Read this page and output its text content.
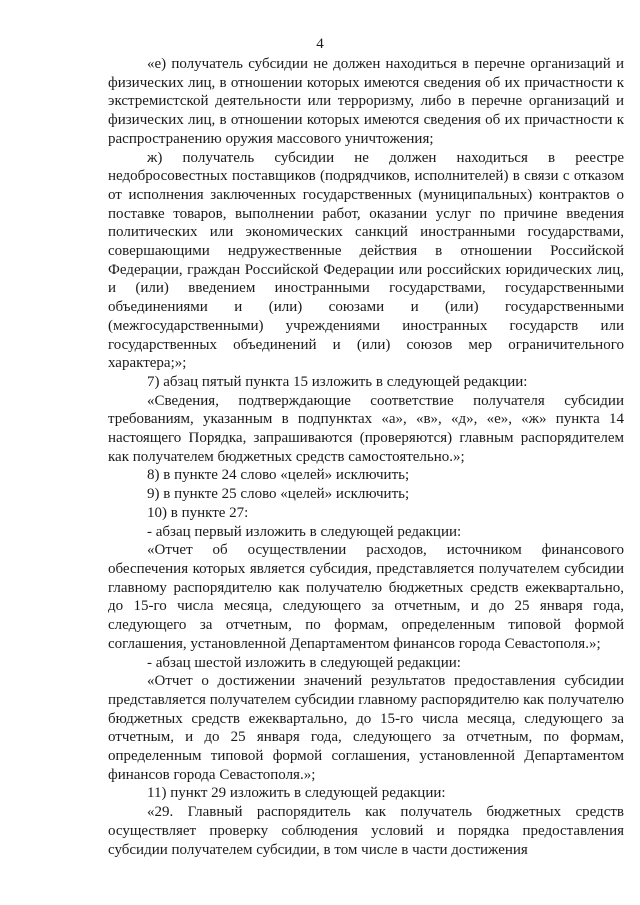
4

«е) получатель субсидии не должен находиться в перечне организаций и физических лиц, в отношении которых имеются сведения об их причастности к экстремистской деятельности или терроризму, либо в перечне организаций и физических лиц, в отношении которых имеются сведения об их причастности к распространению оружия массового уничтожения;

ж) получатель субсидии не должен находиться в реестре недобросовестных поставщиков (подрядчиков, исполнителей) в связи с отказом от исполнения заключенных государственных (муниципальных) контрактов о поставке товаров, выполнении работ, оказании услуг по причине введения политических или экономических санкций иностранными государствами, совершающими недружественные действия в отношении Российской Федерации, граждан Российской Федерации или российских юридических лиц, и (или) введением иностранными государствами, государственными объединениями и (или) союзами и (или) государственными (межгосударственными) учреждениями иностранных государств или государственных объединений и (или) союзов мер ограничительного характера;»;

7) абзац пятый пункта 15 изложить в следующей редакции:

«Сведения, подтверждающие соответствие получателя субсидии требованиям, указанным в подпунктах «а», «в», «д», «е», «ж» пункта 14 настоящего Порядка, запрашиваются (проверяются) главным распорядителем как получателем бюджетных средств самостоятельно.»;

8) в пункте 24 слово «целей» исключить;

9) в пункте 25 слово «целей» исключить;

10) в пункте 27:

- абзац первый изложить в следующей редакции:

«Отчет об осуществлении расходов, источником финансового обеспечения которых является субсидия, представляется получателем субсидии главному распорядителю как получателю бюджетных средств ежеквартально, до 15-го числа месяца, следующего за отчетным, и до 25 января года, следующего за отчетным, по формам, определенным типовой формой соглашения, установленной Департаментом финансов города Севастополя.»;

- абзац шестой изложить в следующей редакции:

«Отчет о достижении значений результатов предоставления субсидии представляется получателем субсидии главному распорядителю как получателю бюджетных средств ежеквартально, до 15-го числа месяца, следующего за отчетным, и до 25 января года, следующего за отчетным, по формам, определенным типовой формой соглашения, установленной Департаментом финансов города Севастополя.»;

11) пункт 29 изложить в следующей редакции:

«29. Главный распорядитель как получатель бюджетных средств осуществляет проверку соблюдения условий и порядка предоставления субсидии получателем субсидии, в том числе в части достижения
